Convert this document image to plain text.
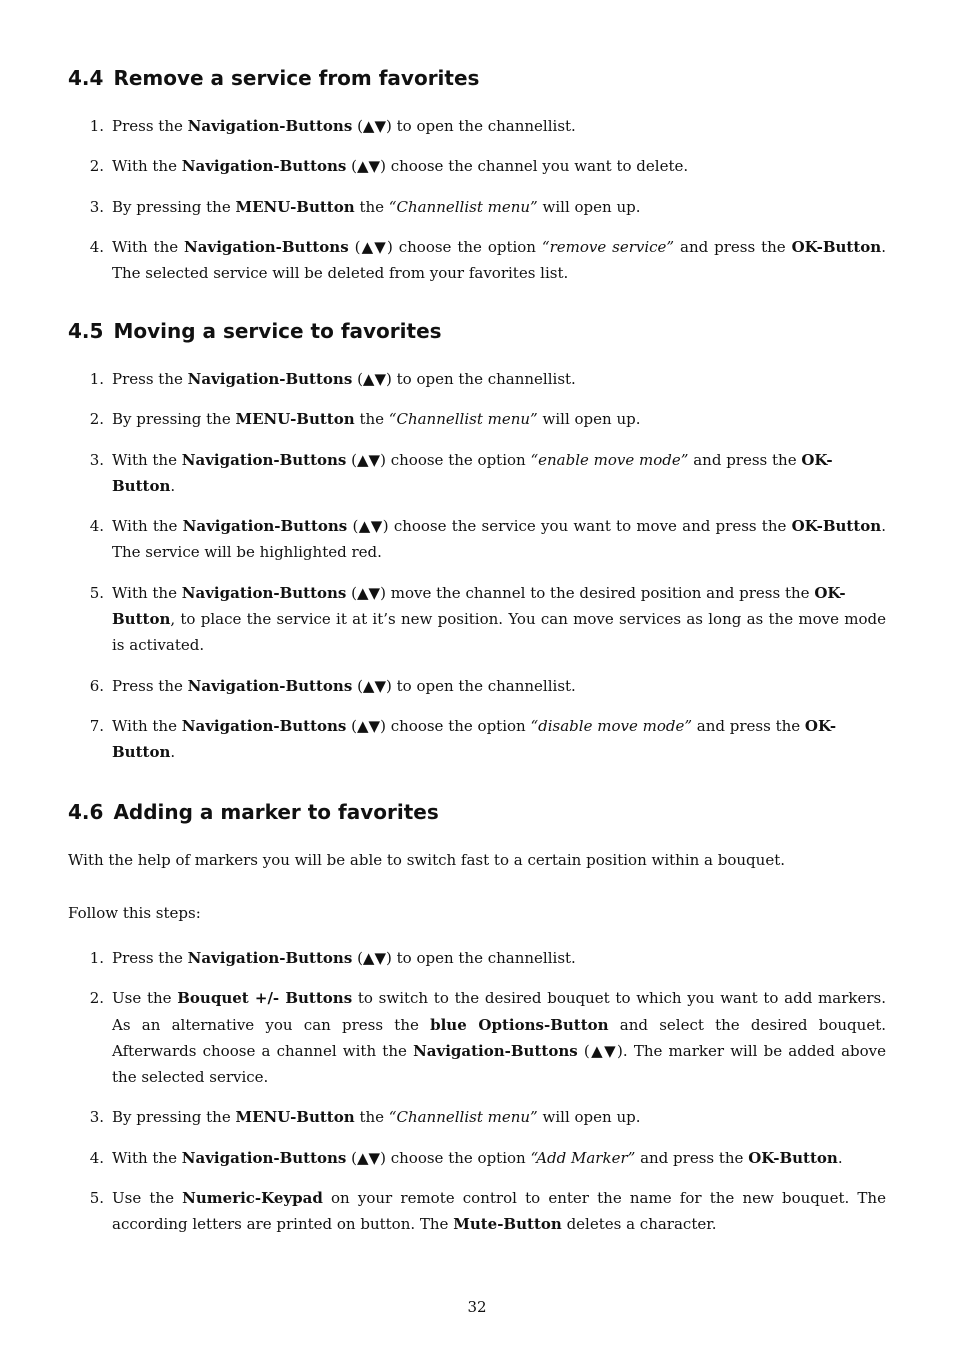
4.4 Remove a service from favorites
1. Press the Navigation-Buttons (▲▼) to open the channellist.
2. With the Navigation-Buttons (▲▼) choose the channel you want to delete.
3. By pressing the MENU-Button the “Channellist menu” will open up.
4. With the Navigation-Buttons (▲▼) choose the option “remove service” and press the OK-Button. The selected service will be deleted from your favorites list.
4.5 Moving a service to favorites
1. Press the Navigation-Buttons (▲▼) to open the channellist.
2. By pressing the MENU-Button the “Channellist menu” will open up.
3. With the Navigation-Buttons (▲▼) choose the option “enable move mode” and press the OK-
Button.
4. With the Navigation-Buttons (▲▼) choose the service you want to move and press the OK-Button. The service will be highlighted red.
5. With the Navigation-Buttons (▲▼) move the channel to the desired position and press the OK-
Button, to place the service it at it’s new position. You can move services as long as the move mode is activated.
6. Press the Navigation-Buttons (▲▼) to open the channellist.
7. With the Navigation-Buttons (▲▼) choose the option “disable move mode” and press the OK-
Button.
4.6 Adding a marker to favorites
With the help of markers you will be able to switch fast to a certain position within a bouquet.
Follow this steps:
1. Press the Navigation-Buttons (▲▼) to open the channellist.
2. Use the Bouquet +/- Buttons to switch to the desired bouquet to which you want to add markers. As an alternative you can press the blue Options-Button and select the desired bouquet. Afterwards choose a channel with the Navigation-Buttons (▲▼). The marker will be added above the selected service.
3. By pressing the MENU-Button the “Channellist menu” will open up.
4. With the Navigation-Buttons (▲▼) choose the option “Add Marker” and press the OK-Button.
5. Use the Numeric-Keypad on your remote control to enter the name for the new bouquet. The according letters are printed on button. The Mute-Button deletes a character.
32
